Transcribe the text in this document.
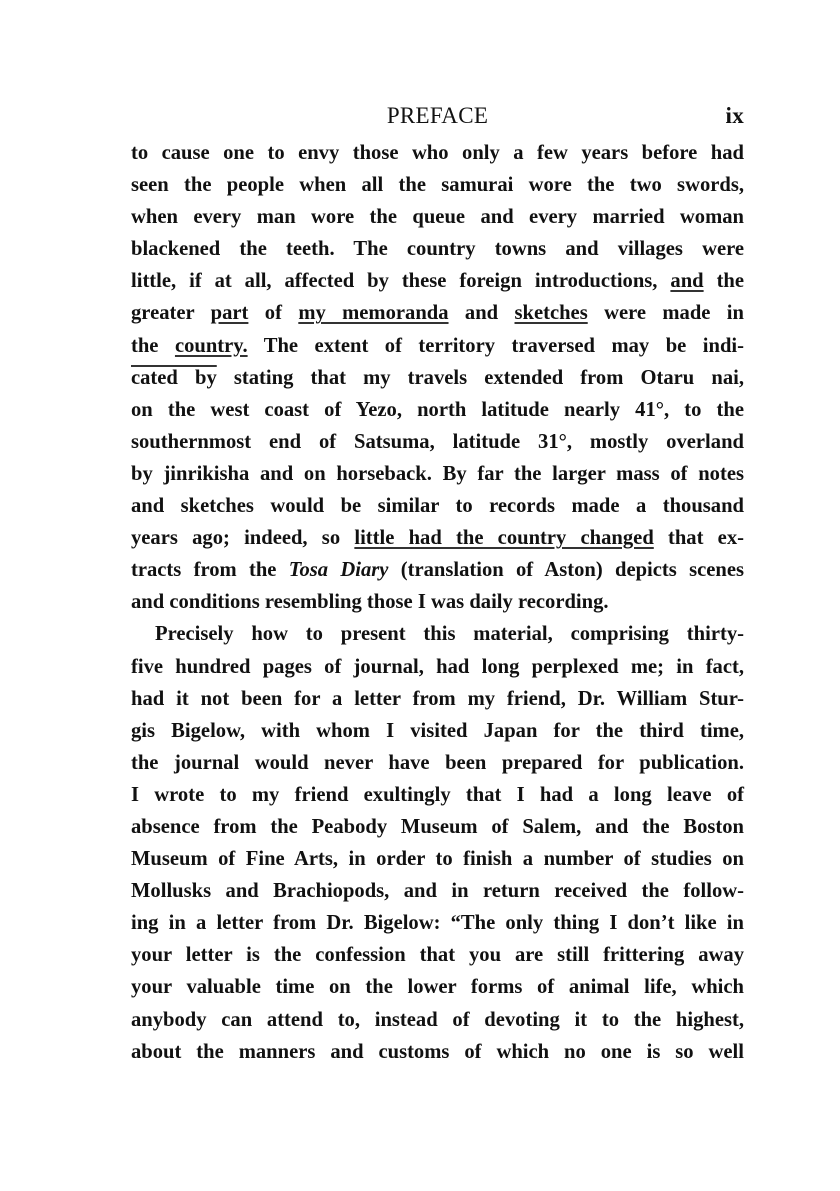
PREFACE	ix
to cause one to envy those who only a few years before had
seen the people when all the samurai wore the two swords,
when every man wore the queue and every married woman
blackened the teeth. The country towns and villages were
little, if at all, affected by these foreign introductions, and the
greater part of my memoranda and sketches were made in
the country. The extent of territory traversed may be indi-
cated by stating that my travels extended from Otaru nai,
on the west coast of Yezo, north latitude nearly 41°, to the
southernmost end of Satsuma, latitude 31°, mostly overland
by jinrikisha and on horseback. By far the larger mass of notes
and sketches would be similar to records made a thousand
years ago; indeed, so little had the country changed that ex-
tracts from the Tosa Diary (translation of Aston) depicts scenes
and conditions resembling those I was daily recording.
Precisely how to present this material, comprising thirty-
five hundred pages of journal, had long perplexed me; in fact,
had it not been for a letter from my friend, Dr. William Stur-
gis Bigelow, with whom I visited Japan for the third time,
the journal would never have been prepared for publication.
I wrote to my friend exultingly that I had a long leave of
absence from the Peabody Museum of Salem, and the Boston
Museum of Fine Arts, in order to finish a number of studies on
Mollusks and Brachiopods, and in return received the follow-
ing in a letter from Dr. Bigelow: “The only thing I don’t like in
your letter is the confession that you are still frittering away
your valuable time on the lower forms of animal life, which
anybody can attend to, instead of devoting it to the highest,
about the manners and customs of which no one is so well
